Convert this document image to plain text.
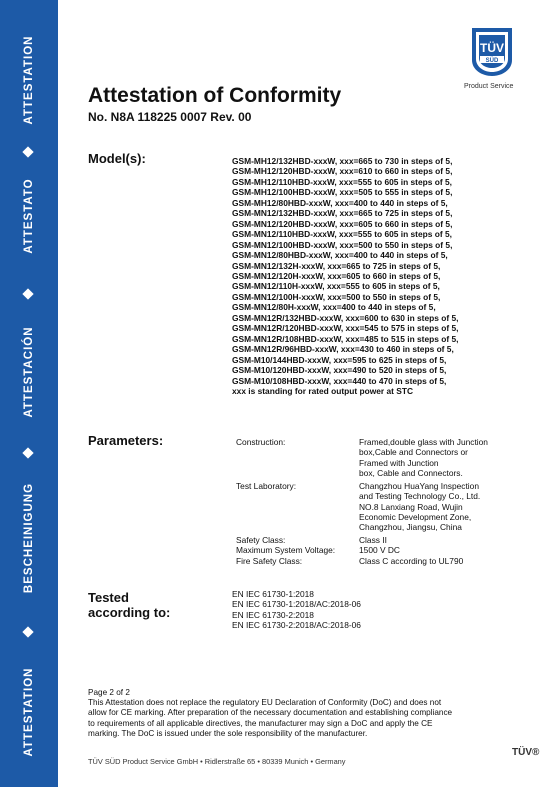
ATTESTATION
ATTESTATO
ATTESTACIÓN
BESCHEINIGUNG
ATTESTATION
TÜV
SÜD
Product Service
Attestation of Conformity
No. N8A 118225 0007 Rev. 00
Model(s):	GSM-MH12/132HBD-xxxW, xxx=665 to 730 in steps of 5,
GSM-MH12/120HBD-xxxW, xxx=610 to 660 in steps of 5,
GSM-MH12/110HBD-xxxW, xxx=555 to 605 in steps of 5,
GSM-MH12/100HBD-xxxW, xxx=505 to 555 in steps of 5,
GSM-MH12/80HBD-xxxW, xxx=400 to 440 in steps of 5,
GSM-MN12/132HBD-xxxW, xxx=665 to 725 in steps of 5,
GSM-MN12/120HBD-xxxW, xxx=605 to 660 in steps of 5,
GSM-MN12/110HBD-xxxW, xxx=555 to 605 in steps of 5,
GSM-MN12/100HBD-xxxW, xxx=500 to 550 in steps of 5,
GSM-MN12/80HBD-xxxW, xxx=400 to 440 in steps of 5,
GSM-MN12/132H-xxxW, xxx=665 to 725 in steps of 5,
GSM-MN12/120H-xxxW, xxx=605 to 660 in steps of 5,
GSM-MN12/110H-xxxW, xxx=555 to 605 in steps of 5,
GSM-MN12/100H-xxxW, xxx=500 to 550 in steps of 5,
GSM-MN12/80H-xxxW, xxx=400 to 440 in steps of 5,
GSM-MN12R/132HBD-xxxW, xxx=600 to 630 in steps of 5,
GSM-MN12R/120HBD-xxxW, xxx=545 to 575 in steps of 5,
GSM-MN12R/108HBD-xxxW, xxx=485 to 515 in steps of 5,
GSM-MN12R/96HBD-xxxW, xxx=430 to 460 in steps of 5,
GSM-M10/144HBD-xxxW, xxx=595 to 625 in steps of 5,
GSM-M10/120HBD-xxxW, xxx=490 to 520 in steps of 5,
GSM-M10/108HBD-xxxW, xxx=440 to 470 in steps of 5,
xxx is standing for rated output power at STC
Parameters:	Construction:	Framed,double glass with Junction
box,Cable and Connectors or
Framed with Junction
box, Cable and Connectors.
Test Laboratory:	Changzhou HuaYang Inspection
and Testing Technology Co., Ltd.
NO.8 Lanxiang Road, Wujin
Economic Development Zone,
Changzhou, Jiangsu, China
Safety Class:	Class II
Maximum System Voltage:	1500 V DC
Fire Safety Class:	Class C according to UL790
Tested
according to:
EN IEC 61730-1:2018
EN IEC 61730-1:2018/AC:2018-06
EN IEC 61730-2:2018
EN IEC 61730-2:2018/AC:2018-06
Page 2 of 2
This Attestation does not replace the regulatory EU Declaration of Conformity (DoC) and does not
allow for CE marking. After preparation of the necessary documentation and establishing compliance
to requirements of all applicable directives, the manufacturer may sign a DoC and apply the CE
marking. The DoC is issued under the sole responsibility of the manufacturer.
TÜV SÜD Product Service GmbH • Ridlerstraße 65 • 80339 Munich • Germany
TÜV®
